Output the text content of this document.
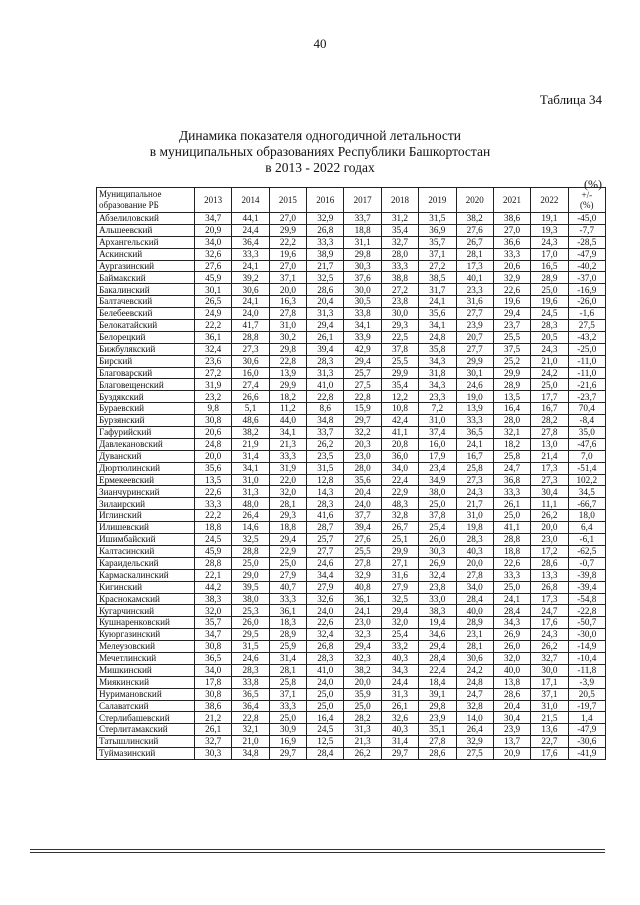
40
Таблица 34
Динамика показателя одногодичной летальности
в муниципальных образованиях Республики Башкортостан
в 2013 - 2022 годах
(%)
Муниципальное
образование РБ	2013	2014	2015	2016	2017	2018	2019	2020	2021	2022	+/-
(%)
Абзелиловский	34,7	44,1	27,0	32,9	33,7	31,2	31,5	38,2	38,6	19,1	-45,0
Альшеевский	20,9	24,4	29,9	26,8	18,8	35,4	36,9	27,6	27,0	19,3	-7,7
Архангельский	34,0	36,4	22,2	33,3	31,1	32,7	35,7	26,7	36,6	24,3	-28,5
Аскинский	32,6	33,3	19,6	38,9	29,8	28,0	37,1	28,1	33,3	17,0	-47,9
Аургазинский	27,6	24,1	27,0	21,7	30,3	33,3	27,2	17,3	20,6	16,5	-40,2
Баймакский	45,9	39,2	37,1	32,5	37,6	38,8	38,5	40,1	32,9	28,9	-37,0
Бакалинский	30,1	30,6	20,0	28,6	30,0	27,2	31,7	23,3	22,6	25,0	-16,9
Балтачевский	26,5	24,1	16,3	20,4	30,5	23,8	24,1	31,6	19,6	19,6	-26,0
Белебеевский	24,9	24,0	27,8	31,3	33,8	30,0	35,6	27,7	29,4	24,5	-1,6
Белокатайский	22,2	41,7	31,0	29,4	34,1	29,3	34,1	23,9	23,7	28,3	27,5
Белорецкий	36,1	28,8	30,2	26,1	33,9	22,5	24,8	20,7	25,5	20,5	-43,2
Бижбулякский	32,4	27,3	29,8	39,4	42,9	37,8	35,8	27,7	37,5	24,3	-25,0
Бирский	23,6	30,6	22,8	28,3	29,4	25,5	34,3	29,9	25,2	21,0	-11,0
Благоварский	27,2	16,0	13,9	31,3	25,7	29,9	31,8	30,1	29,9	24,2	-11,0
Благовещенский	31,9	27,4	29,9	41,0	27,5	35,4	34,3	24,6	28,9	25,0	-21,6
Буздякский	23,2	26,6	18,2	22,8	22,8	12,2	23,3	19,0	13,5	17,7	-23,7
Бураевский	9,8	5,1	11,2	8,6	15,9	10,8	7,2	13,9	16,4	16,7	70,4
Бурзянский	30,8	48,6	44,0	34,8	29,7	42,4	31,0	33,3	28,0	28,2	-8,4
Гафурийский	20,6	38,2	34,1	33,7	32,2	41,1	37,4	36,5	32,1	27,8	35,0
Давлекановский	24,8	21,9	21,3	26,2	20,3	20,8	16,0	24,1	18,2	13,0	-47,6
Дуванский	20,0	31,4	33,3	23,5	23,0	36,0	17,9	16,7	25,8	21,4	7,0
Дюртюлинский	35,6	34,1	31,9	31,5	28,0	34,0	23,4	25,8	24,7	17,3	-51,4
Ермекеевский	13,5	31,0	22,0	12,8	35,6	22,4	34,9	27,3	36,8	27,3	102,2
Зианчуринский	22,6	31,3	32,0	14,3	20,4	22,9	38,0	24,3	33,3	30,4	34,5
Зилаирский	33,3	48,0	28,1	28,3	24,0	48,3	25,0	21,7	26,1	11,1	-66,7
Иглинский	22,2	26,4	29,3	41,6	37,7	32,8	37,8	31,0	25,0	26,2	18,0
Илишевский	18,8	14,6	18,8	28,7	39,4	26,7	25,4	19,8	41,1	20,0	6,4
Ишимбайский	24,5	32,5	29,4	25,7	27,6	25,1	26,0	28,3	28,8	23,0	-6,1
Калтасинский	45,9	28,8	22,9	27,7	25,5	29,9	30,3	40,3	18,8	17,2	-62,5
Караидельский	28,8	25,0	25,0	24,6	27,8	27,1	26,9	20,0	22,6	28,6	-0,7
Кармаскалинский	22,1	29,0	27,9	34,4	32,9	31,6	32,4	27,8	33,3	13,3	-39,8
Кигинский	44,2	39,5	40,7	27,9	40,8	27,9	23,8	34,0	25,0	26,8	-39,4
Краснокамский	38,3	38,0	33,3	32,6	36,1	32,5	33,0	28,4	24,1	17,3	-54,8
Кугарчинский	32,0	25,3	36,1	24,0	24,1	29,4	38,3	40,0	28,4	24,7	-22,8
Кушнаренковский	35,7	26,0	18,3	22,6	23,0	32,0	19,4	28,9	34,3	17,6	-50,7
Куюргазинский	34,7	29,5	28,9	32,4	32,3	25,4	34,6	23,1	26,9	24,3	-30,0
Мелеузовский	30,8	31,5	25,9	26,8	29,4	33,2	29,4	28,1	26,0	26,2	-14,9
Мечетлинский	36,5	24,6	31,4	28,3	32,3	40,3	28,4	30,6	32,0	32,7	-10,4
Мишкинский	34,0	28,3	28,1	41,0	38,2	34,3	22,4	24,2	40,0	30,0	-11,8
Миякинский	17,8	33,8	25,8	24,0	20,0	24,4	18,4	24,8	13,8	17,1	-3,9
Нуримановский	30,8	36,5	37,1	25,0	35,9	31,3	39,1	24,7	28,6	37,1	20,5
Салаватский	38,6	36,4	33,3	25,0	25,0	26,1	29,8	32,8	20,4	31,0	-19,7
Стерлибашевский	21,2	22,8	25,0	16,4	28,2	32,6	23,9	14,0	30,4	21,5	1,4
Стерлитамакский	26,1	32,1	30,9	24,5	31,3	40,3	35,1	26,4	23,9	13,6	-47,9
Татышлинский	32,7	21,0	16,9	12,5	21,3	31,4	27,8	32,9	13,7	22,7	-30,6
Туймазинский	30,3	34,8	29,7	28,4	26,2	29,7	28,6	27,5	20,9	17,6	-41,9
